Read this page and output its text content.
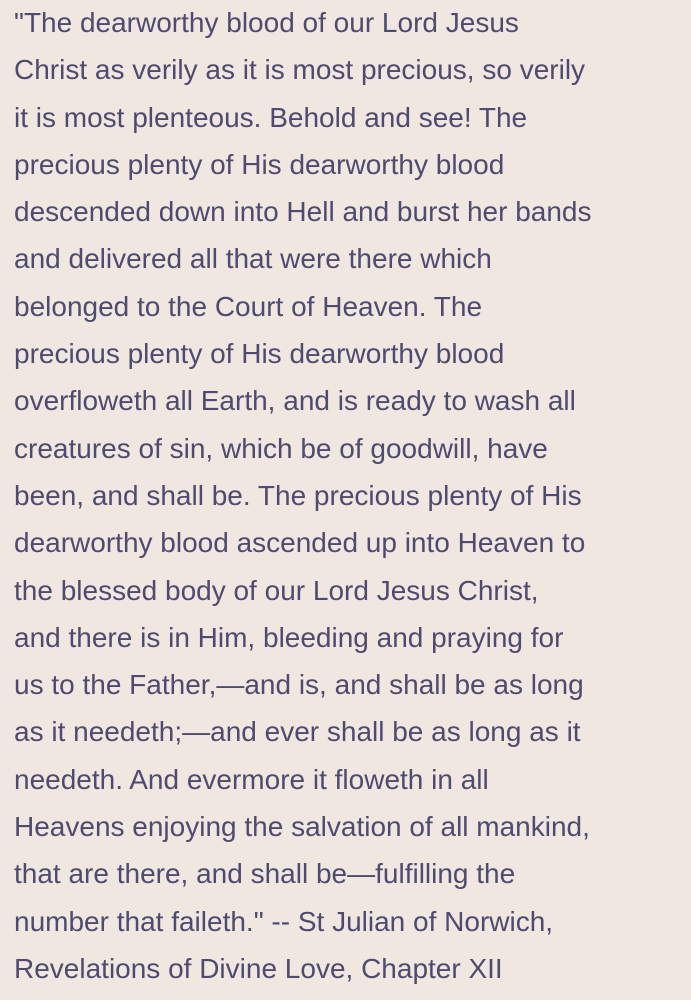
"The dearworthy blood of our Lord Jesus
Christ as verily as it is most precious, so verily
it is most plenteous. Behold and see! The
precious plenty of His dearworthy blood
descended down into Hell and burst her bands
and delivered all that were there which
belonged to the Court of Heaven. The
precious plenty of His dearworthy blood
overfloweth all Earth, and is ready to wash all
creatures of sin, which be of goodwill, have
been, and shall be. The precious plenty of His
dearworthy blood ascended up into Heaven to
the blessed body of our Lord Jesus Christ,
and there is in Him, bleeding and praying for
us to the Father,—and is, and shall be as long
as it needeth;—and ever shall be as long as it
needeth. And evermore it floweth in all
Heavens enjoying the salvation of all mankind,
that are there, and shall be—fulfilling the
number that faileth." -- St Julian of Norwich,
Revelations of Divine Love, Chapter XII
